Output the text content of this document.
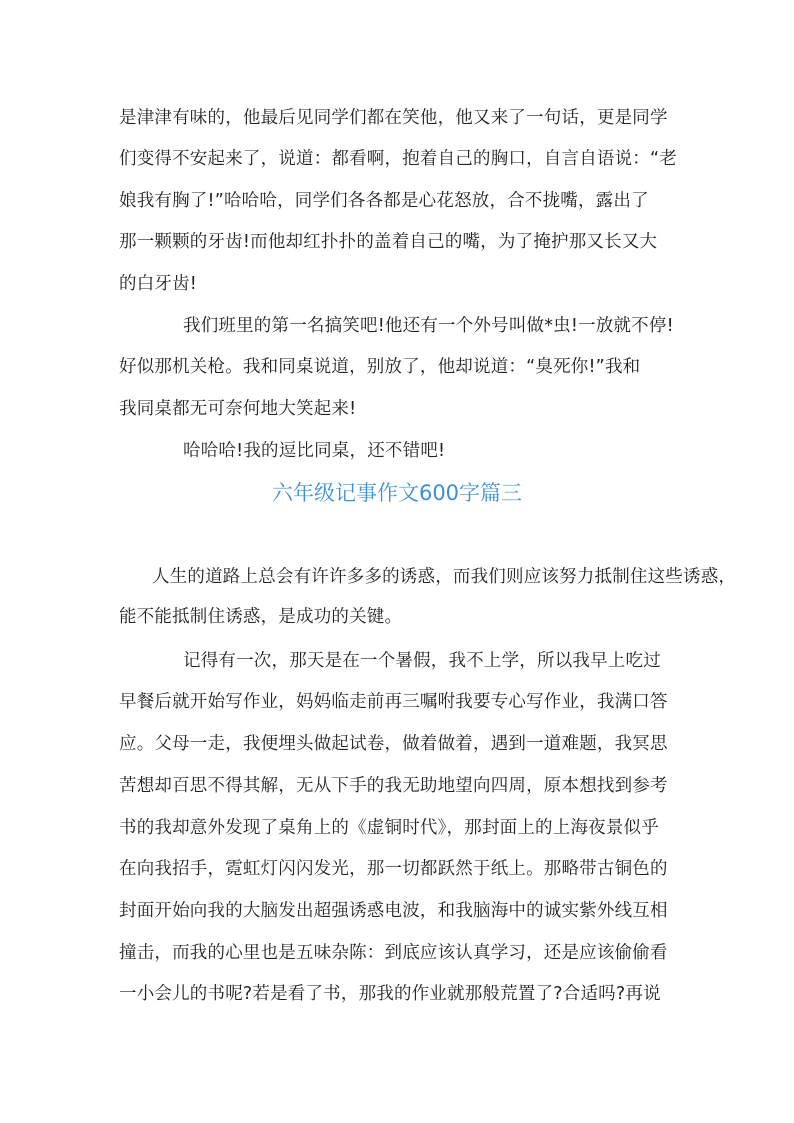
是津津有味的，他最后见同学们都在笑他，他又来了一句话，更是同学
们变得不安起来了，说道：都看啊，抱着自己的胸口，自言自语说：“老
娘我有胸了!”哈哈哈，同学们各各都是心花怒放，合不拢嘴，露出了
那一颗颗的牙齿!而他却红扑扑的盖着自己的嘴，为了掩护那又长又大
的白牙齿!
我们班里的第一名搞笑吧!他还有一个外号叫做*虫!一放就不停!
好似那机关枪。我和同桌说道，别放了，他却说道：“臭死你!”我和
我同桌都无可奈何地大笑起来!
哈哈哈!我的逗比同桌，还不错吧!
六年级记事作文600字篇三
人生的道路上总会有许许多多的诱惑，而我们则应该努力抵制住这些诱惑，
能不能抵制住诱惑，是成功的关键。
记得有一次，那天是在一个暑假，我不上学，所以我早上吃过
早餐后就开始写作业，妈妈临走前再三嘱咐我要专心写作业，我满口答
应。父母一走，我便埋头做起试卷，做着做着，遇到一道难题，我冥思
苦想却百思不得其解，无从下手的我无助地望向四周，原本想找到参考
书的我却意外发现了桌角上的《虚铜时代》，那封面上的上海夜景似乎
在向我招手，霓虹灯闪闪发光，那一切都跃然于纸上。那略带古铜色的
封面开始向我的大脑发出超强诱惑电波，和我脑海中的诚实紫外线互相
撞击，而我的心里也是五味杂陈：到底应该认真学习，还是应该偷偷看
一小会儿的书呢?若是看了书，那我的作业就那般荒置了?合适吗?再说
